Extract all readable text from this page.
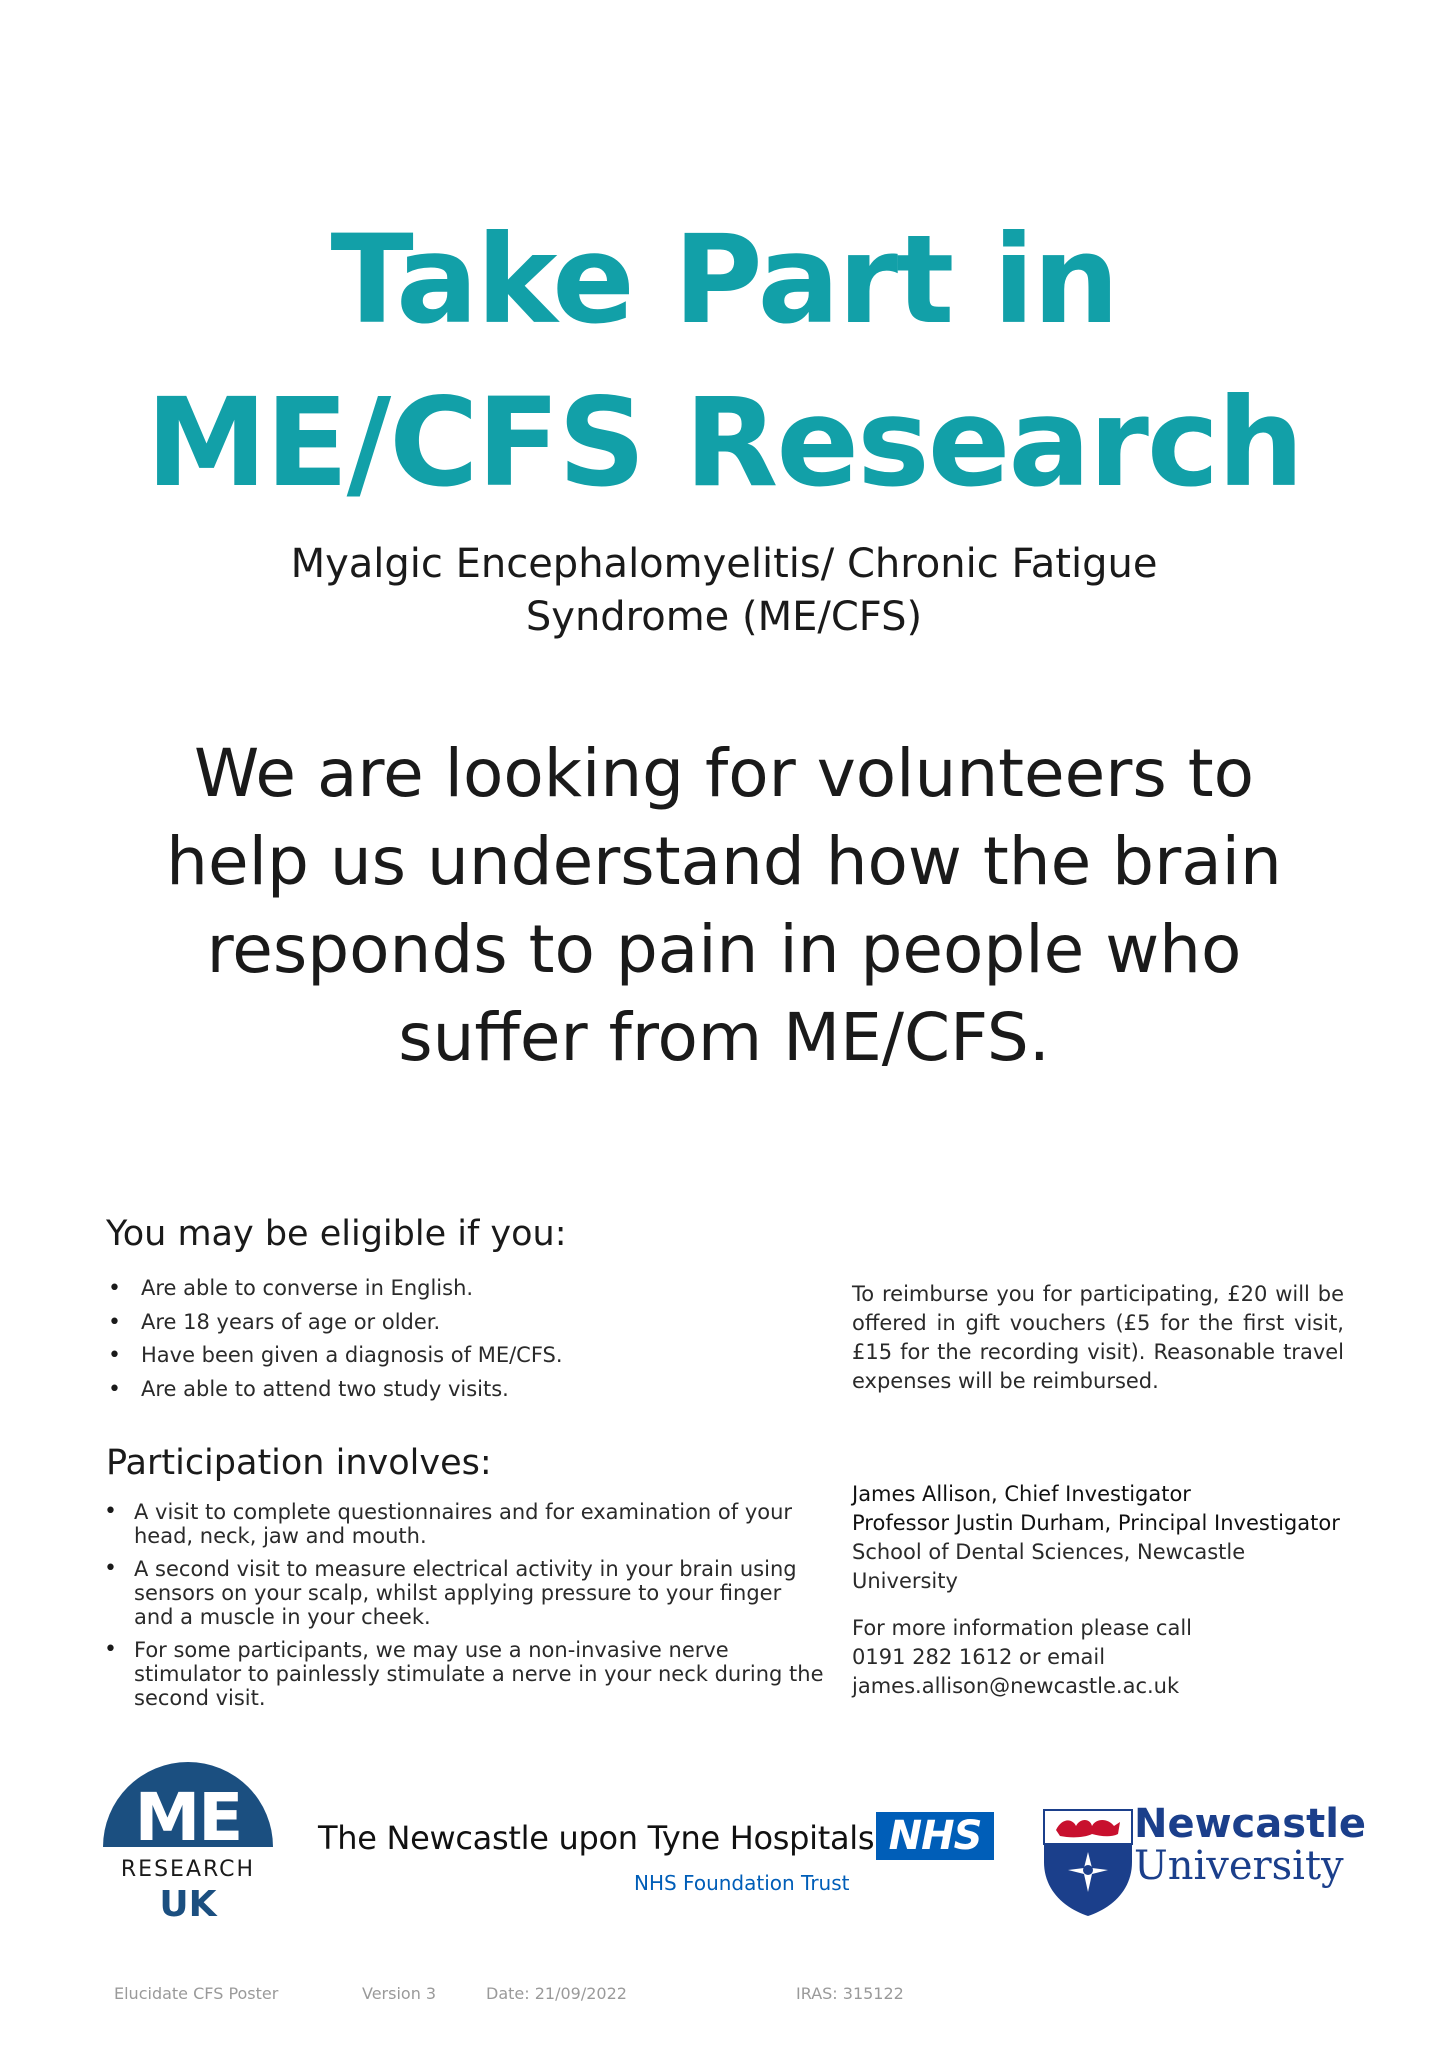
Take Part in
ME/CFS Research
Myalgic Encephalomyelitis/ Chronic Fatigue
Syndrome (ME/CFS)
We are looking for volunteers to
help us understand how the brain
responds to pain in people who
suffer from ME/CFS.
You may be eligible if you:
• Are able to converse in English.
• Are 18 years of age or older.
• Have been given a diagnosis of ME/CFS.
• Are able to attend two study visits.
Participation involves:
• A visit to complete questionnaires and for examination of your head, neck, jaw and mouth.
• A second visit to measure electrical activity in your brain using sensors on your scalp, whilst applying pressure to your finger and a muscle in your cheek.
• For some participants, we may use a non-invasive nerve stimulator to painlessly stimulate a nerve in your neck during the second visit.
To reimburse you for participating, £20 will be offered in gift vouchers (£5 for the first visit, £15 for the recording visit). Reasonable travel expenses will be reimbursed.
James Allison, Chief Investigator
Professor Justin Durham, Principal Investigator School of Dental Sciences, Newcastle University
For more information please call
0191 282 1612 or email
james.allison@newcastle.ac.uk
ME
RESEARCH
UK
The Newcastle upon Tyne Hospitals
NHS Foundation Trust
NHS	Newcastle
University
Elucidate CFS Poster	Version 3	Date: 21/09/2022	IRAS: 315122
